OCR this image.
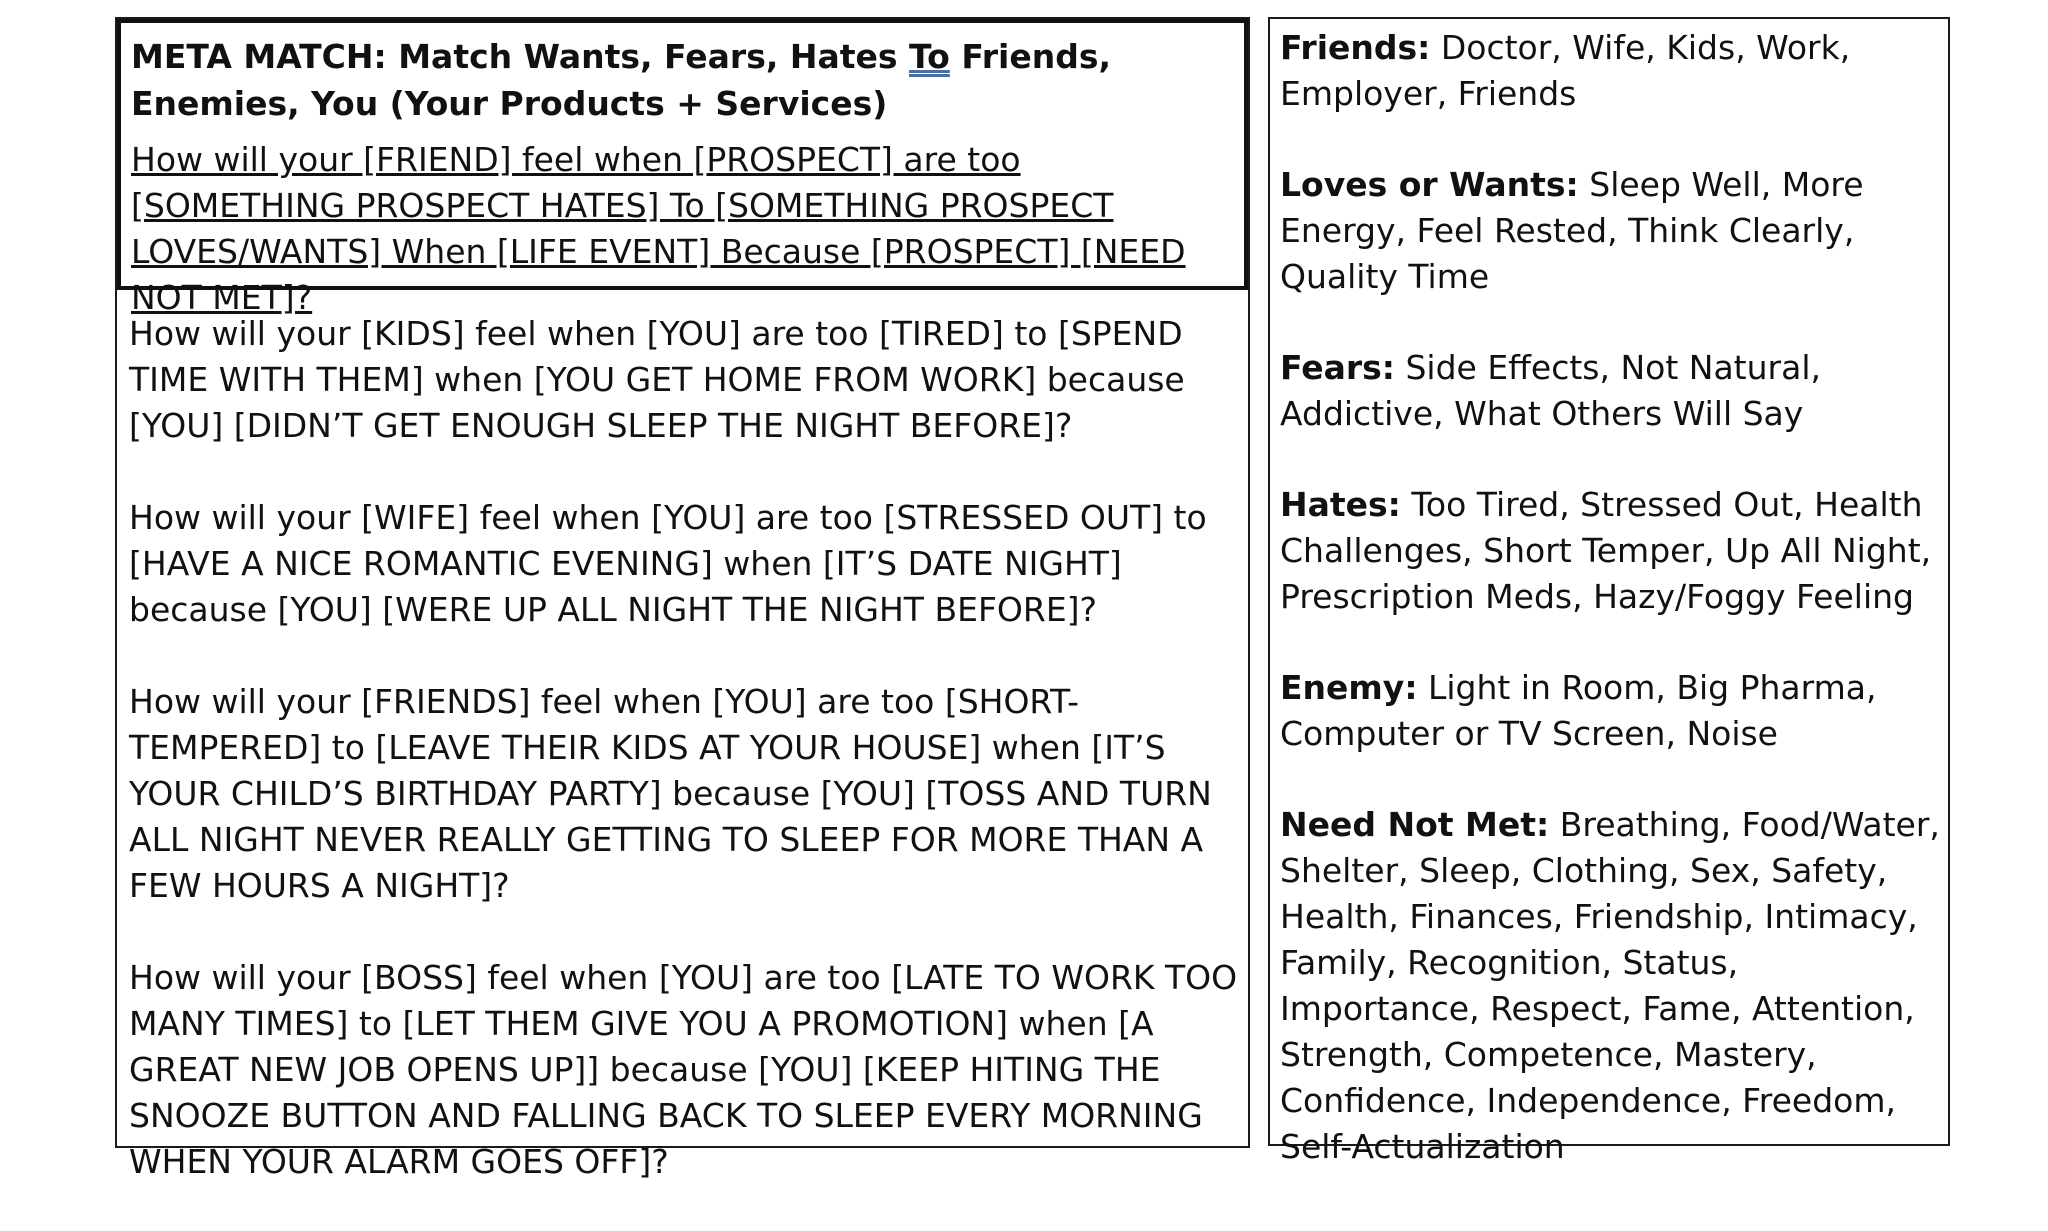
META MATCH: Match Wants, Fears, Hates To Friends, Enemies, You (Your Products + Services)

How will your [FRIEND] feel when [PROSPECT] are too [SOMETHING PROSPECT HATES] To [SOMETHING PROSPECT LOVES/WANTS] When [LIFE EVENT] Because [PROSPECT] [NEED NOT MET]?

How will your [KIDS] feel when [YOU] are too [TIRED] to [SPEND TIME WITH THEM] when [YOU GET HOME FROM WORK] because [YOU] [DIDN’T GET ENOUGH SLEEP THE NIGHT BEFORE]?

How will your [WIFE] feel when [YOU] are too [STRESSED OUT] to [HAVE A NICE ROMANTIC EVENING] when [IT’S DATE NIGHT] because [YOU] [WERE UP ALL NIGHT THE NIGHT BEFORE]?

How will your [FRIENDS] feel when [YOU] are too [SHORT-TEMPERED] to [LEAVE THEIR KIDS AT YOUR HOUSE] when [IT’S YOUR CHILD’S BIRTHDAY PARTY] because [YOU] [TOSS AND TURN ALL NIGHT NEVER REALLY GETTING TO SLEEP FOR MORE THAN A FEW HOURS A NIGHT]?

How will your [BOSS] feel when [YOU] are too [LATE TO WORK TOO MANY TIMES] to [LET THEM GIVE YOU A PROMOTION] when [A GREAT NEW JOB OPENS UP]] because [YOU] [KEEP HITING THE SNOOZE BUTTON AND FALLING BACK TO SLEEP EVERY MORNING WHEN YOUR ALARM GOES OFF]?

Friends: Doctor, Wife, Kids, Work, Employer, Friends

Loves or Wants: Sleep Well, More Energy, Feel Rested, Think Clearly, Quality Time

Fears: Side Effects, Not Natural, Addictive, What Others Will Say

Hates: Too Tired, Stressed Out, Health Challenges, Short Temper, Up All Night, Prescription Meds, Hazy/Foggy Feeling

Enemy: Light in Room, Big Pharma, Computer or TV Screen, Noise

Need Not Met: Breathing, Food/Water, Shelter, Sleep, Clothing, Sex, Safety, Health, Finances, Friendship, Intimacy, Family, Recognition, Status, Importance, Respect, Fame, Attention, Strength, Competence, Mastery, Confidence, Independence, Freedom, Self-Actualization
